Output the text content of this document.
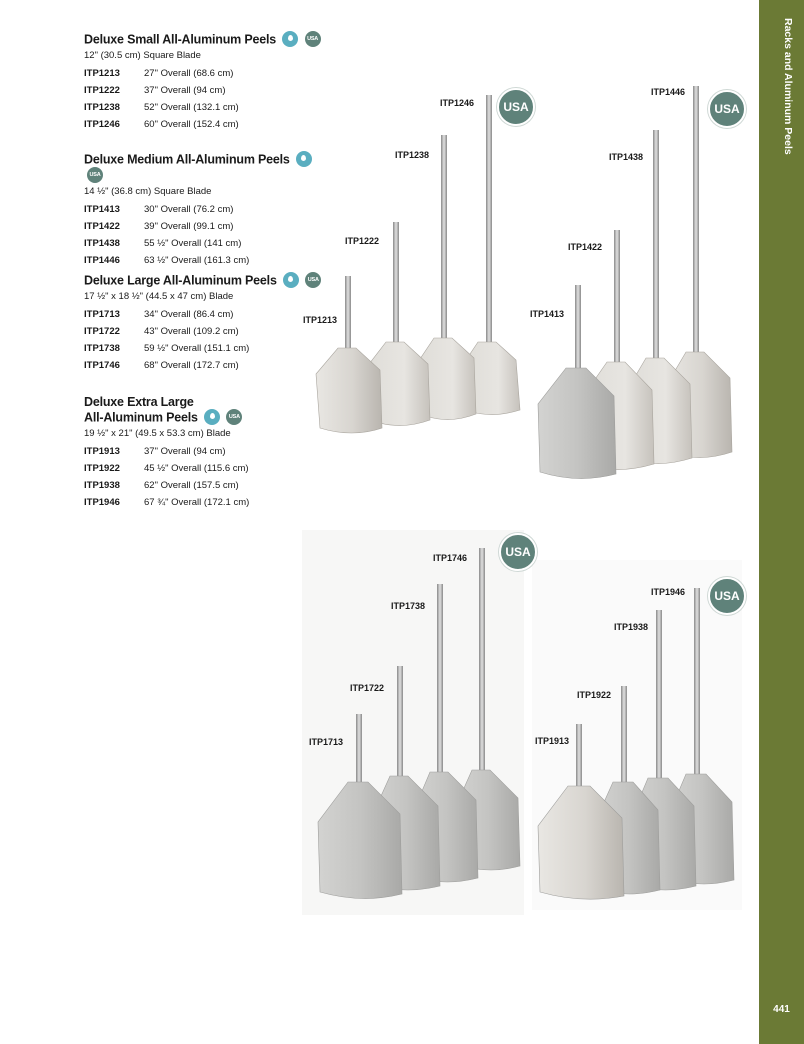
Racks and Aluminum Peels
441
Deluxe Small All-Aluminum Peels	USA
12" (30.5 cm) Square Blade
ITP1213	27" Overall (68.6 cm)
ITP1222	37" Overall (94 cm)
ITP1238	52" Overall (132.1 cm)
ITP1246	60" Overall (152.4 cm)
Deluxe Medium All-Aluminum Peels  USA
14 ½" (36.8 cm) Square Blade
ITP1413	30" Overall (76.2 cm)
ITP1422	39" Overall (99.1 cm)
ITP1438	55 ½" Overall (141 cm)
ITP1446	63 ½" Overall (161.3 cm)
Deluxe Large All-Aluminum Peels	USA
17 ½" x 18 ½" (44.5 x 47 cm) Blade
ITP1713	34" Overall (86.4 cm)
ITP1722	43" Overall (109.2 cm)
ITP1738	59 ½" Overall (151.1 cm)
ITP1746	68" Overall (172.7 cm)
Deluxe Extra Large
All-Aluminum Peels	USA
19 ½" x 21" (49.5 x 53.3 cm) Blade
ITP1913	37" Overall (94 cm)
ITP1922	45 ½" Overall (115.6 cm)
ITP1938	62" Overall (157.5 cm)
ITP1946	67 ¾" Overall (172.1 cm)
ITP1246
ITP1238
ITP1222
ITP1213
USA
ITP1446
ITP1438
ITP1422
ITP1413
USA
ITP1746
ITP1738
ITP1722
ITP1713
USA
ITP1946
ITP1938
ITP1922
ITP1913
USA
